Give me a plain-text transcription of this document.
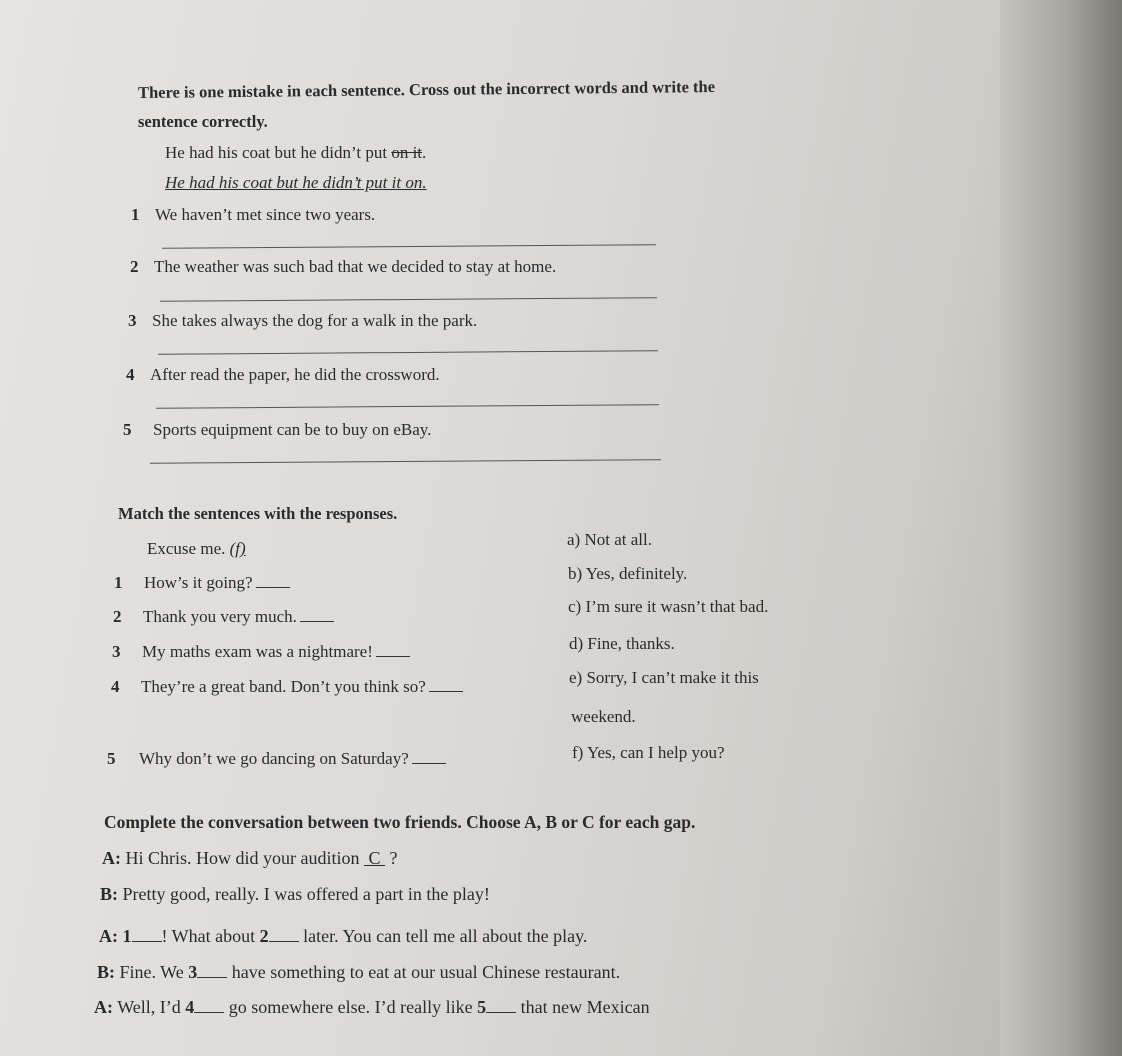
There is one mistake in each sentence. Cross out the incorrect words and write the
sentence correctly.
He had his coat but he didn’t put on it.
He had his coat but he didn’t put it on.
1 We haven’t met since two years.
2 The weather was such bad that we decided to stay at home.
3 She takes always the dog for a walk in the park.
4 After read the paper, he did the crossword.
5 Sports equipment can be to buy on eBay.
Match the sentences with the responses.
Excuse me. (f)
1 How’s it going?
2 Thank you very much.
3 My maths exam was a nightmare!
4 They’re a great band. Don’t you think so?
5 Why don’t we go dancing on Saturday?
a) Not at all.
b) Yes, definitely.
c) I’m sure it wasn’t that bad.
d) Fine, thanks.
e) Sorry, I can’t make it this
weekend.
f) Yes, can I help you?
Complete the conversation between two friends. Choose A, B or C for each gap.
A: Hi Chris. How did your audition  C  ?
B: Pretty good, really. I was offered a part in the play!
A: 1 ! What about 2 later. You can tell me all about the play.
B: Fine. We 3 have something to eat at our usual Chinese restaurant.
A: Well, I’d 4 go somewhere else. I’d really like 5 that new Mexican
